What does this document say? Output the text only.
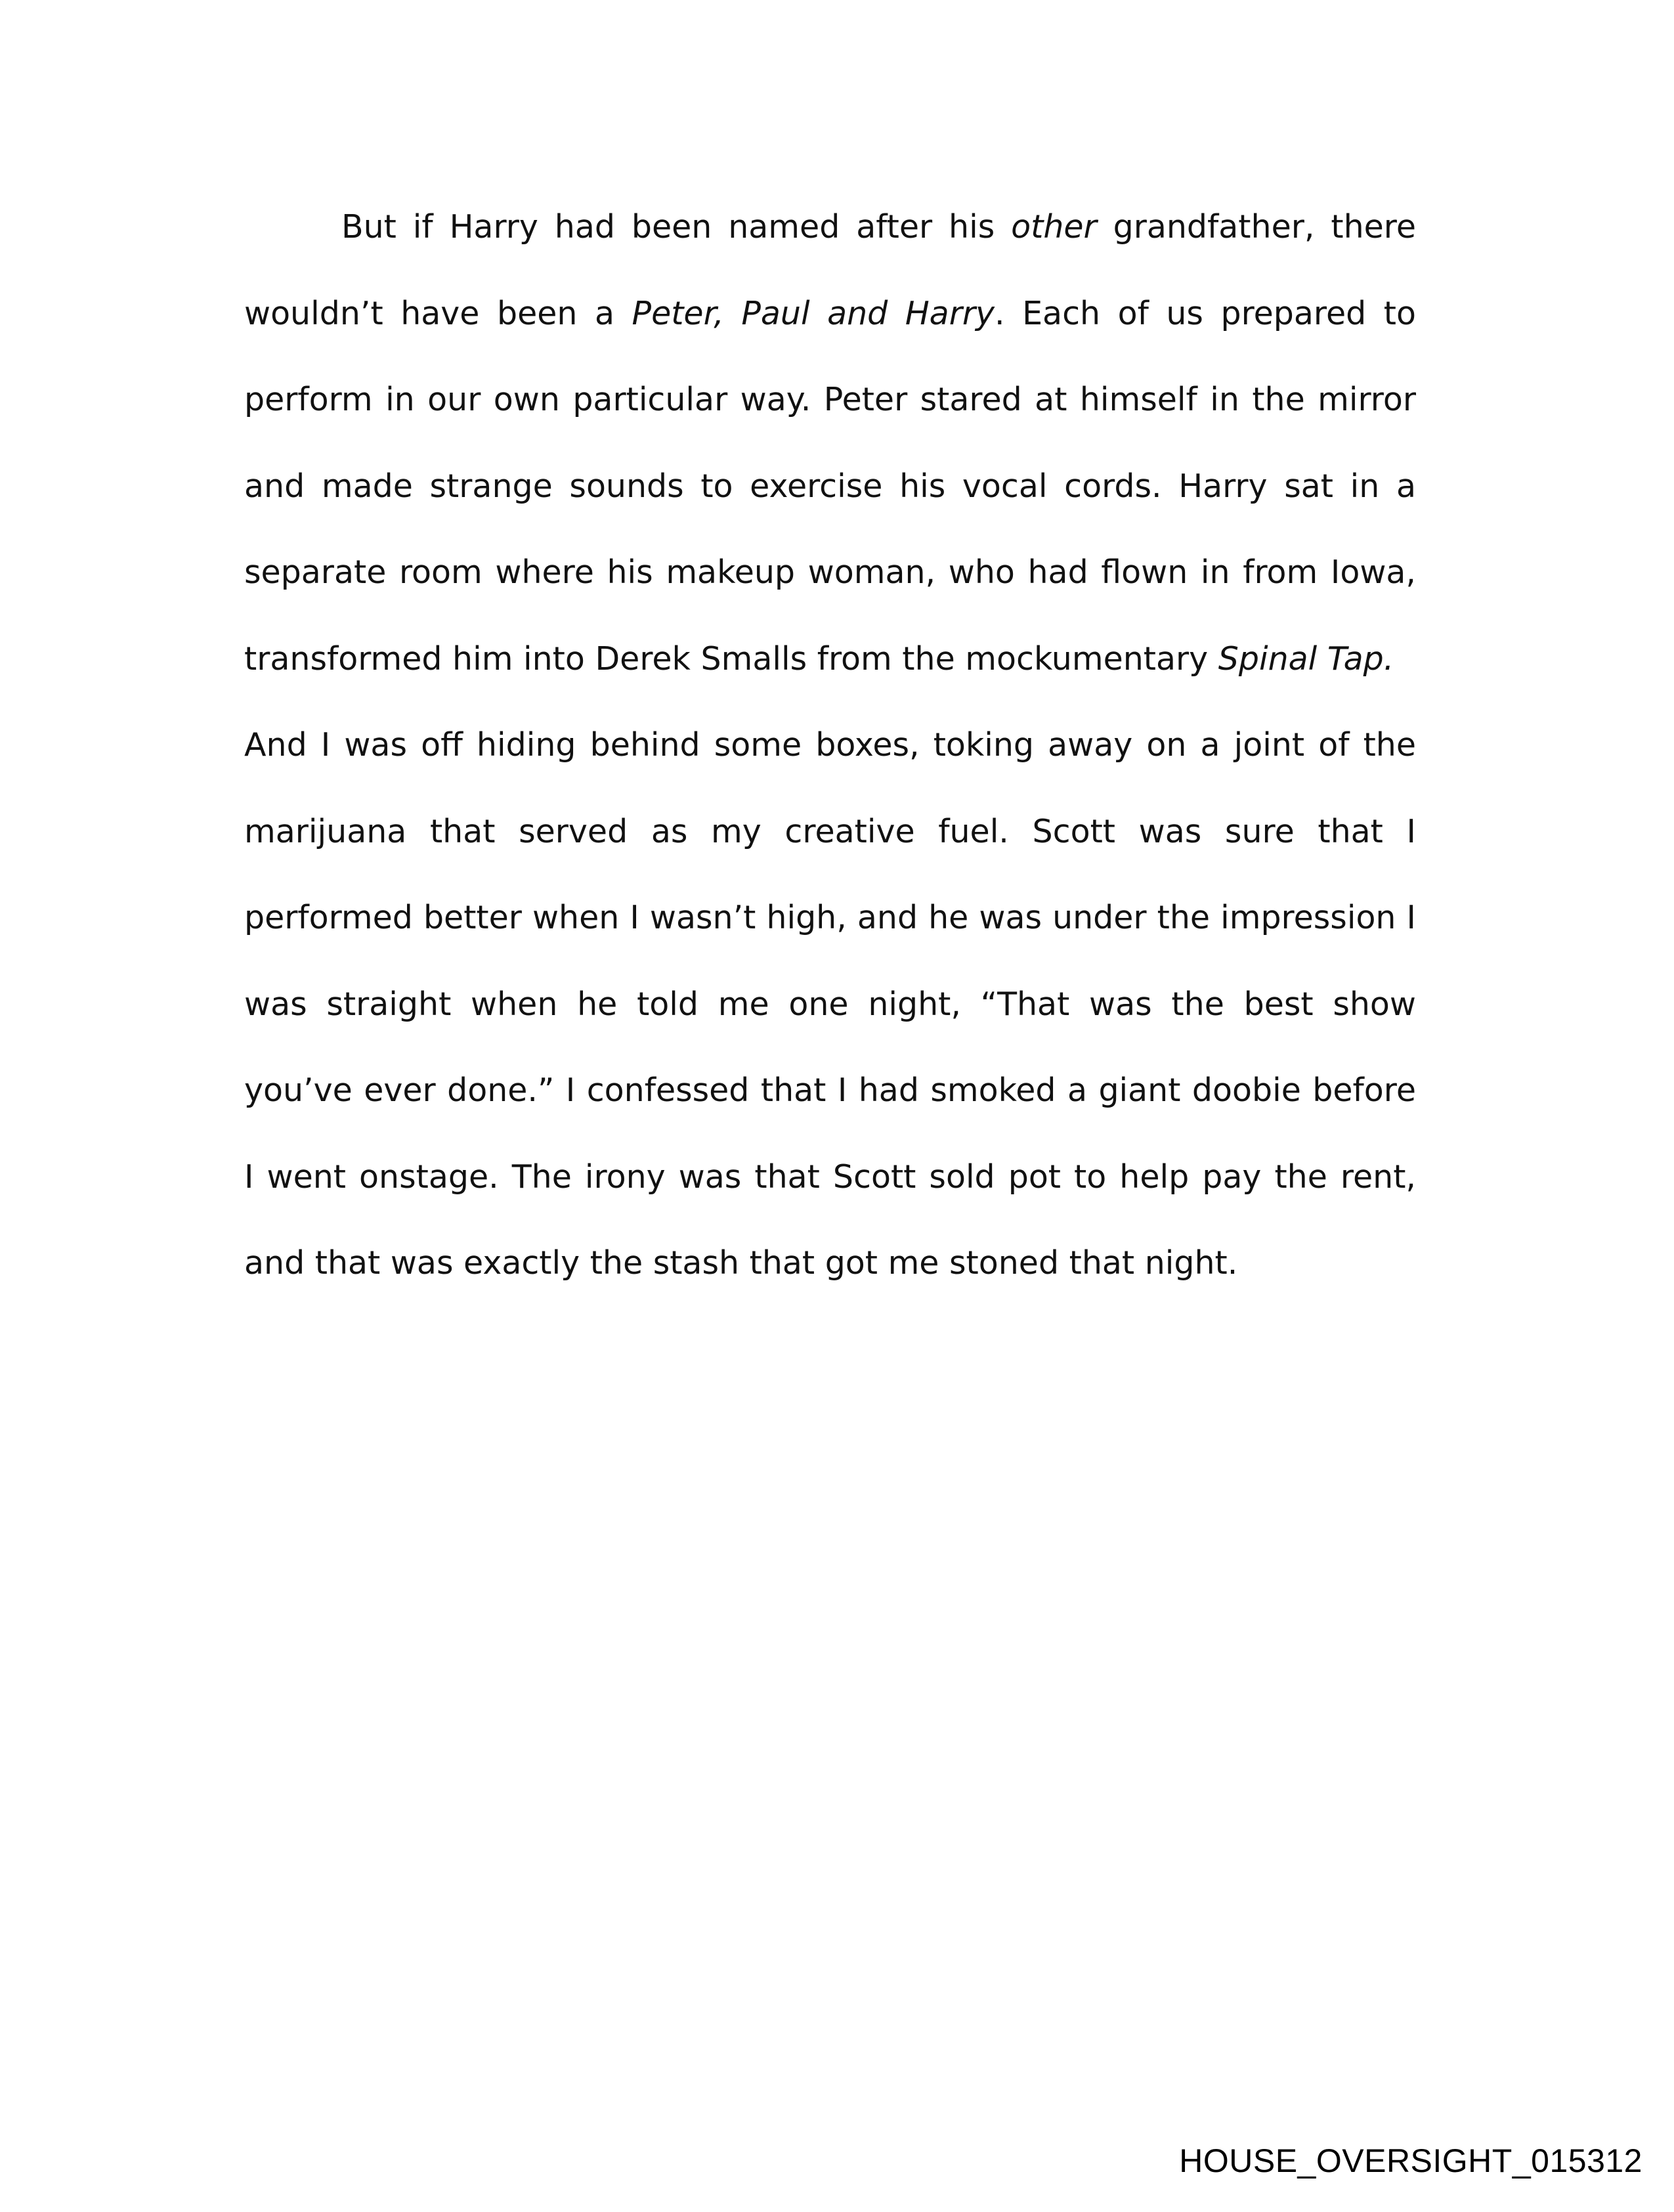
But if Harry had been named after his other grandfather, there wouldn’t have been a Peter, Paul and Harry. Each of us prepared to perform in our own particular way. Peter stared at himself in the mirror and made strange sounds to exercise his vocal cords. Harry sat in a separate room where his makeup woman, who had flown in from Iowa, transformed him into Derek Smalls from the mockumentary Spinal Tap.

And I was off hiding behind some boxes, toking away on a joint of the marijuana that served as my creative fuel. Scott was sure that I performed better when I wasn’t high, and he was under the impression I was straight when he told me one night, “That was the best show you’ve ever done.” I confessed that I had smoked a giant doobie before I went onstage. The irony was that Scott sold pot to help pay the rent, and that was exactly the stash that got me stoned that night.

HOUSE_OVERSIGHT_015312
